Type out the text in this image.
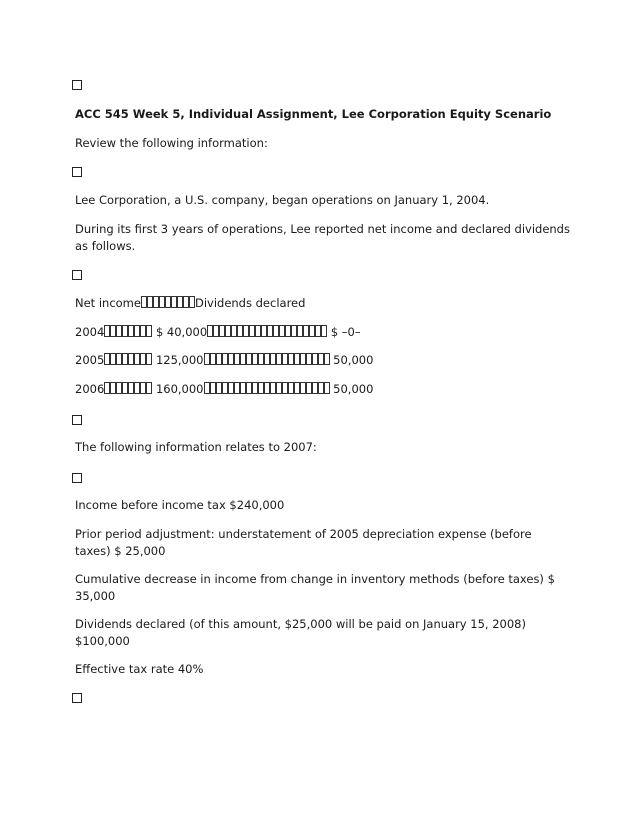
ACC 545 Week 5, Individual Assignment, Lee Corporation Equity Scenario
Review the following information:
Lee Corporation, a U.S. company, began operations on January 1, 2004.
During its first 3 years of operations, Lee reported net income and declared dividends as follows.
Net income	Dividends declared
2004	$ 40,000	$ –0–
2005	125,000	50,000
2006	160,000	50,000
The following information relates to 2007:
Income before income tax $240,000
Prior period adjustment: understatement of 2005 depreciation expense (before taxes) $ 25,000
Cumulative decrease in income from change in inventory methods (before taxes) $ 35,000
Dividends declared (of this amount, $25,000 will be paid on January 15, 2008) $100,000
Effective tax rate 40%
